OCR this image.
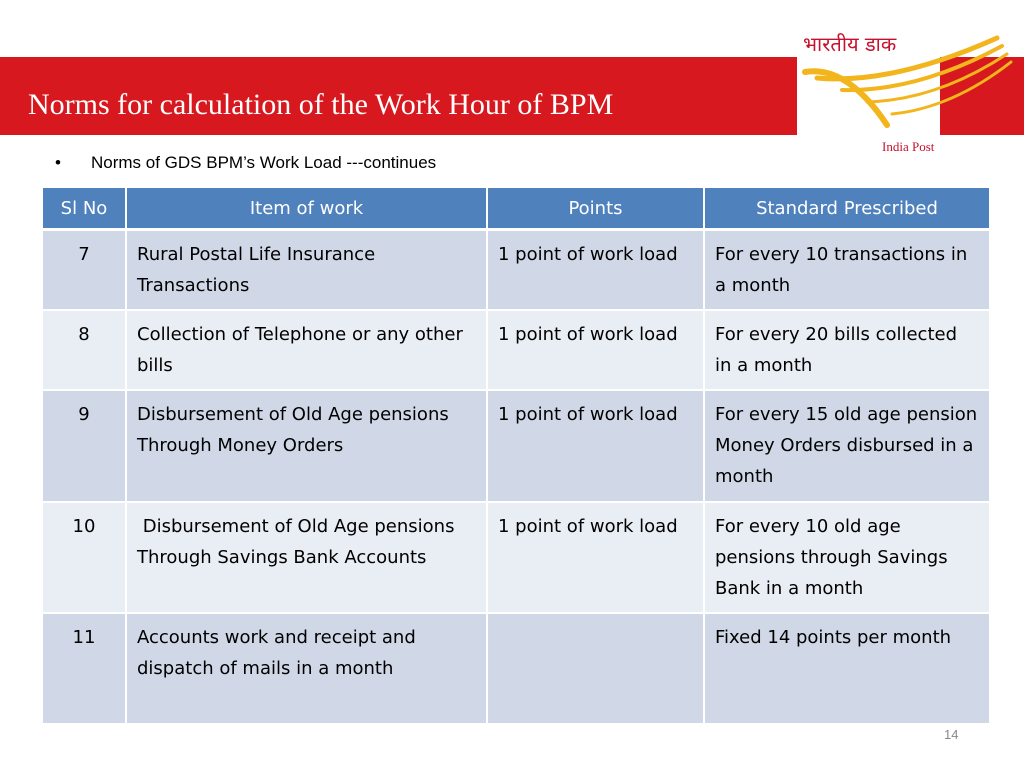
Norms for calculation of the Work Hour of BPM
भारतीय डाक
India Post
• Norms of GDS BPM’s Work Load ---continues
Sl No	Item of work	Points	Standard Prescribed
7	Rural Postal Life Insurance Transactions	1 point of work load	For every 10 transactions in a month
8	Collection of Telephone or any other bills	1 point of work load	For every 20 bills collected in a month
9	Disbursement of Old Age pensions Through Money Orders	1 point of work load	For every 15 old age pension Money Orders disbursed in a month
10	Disbursement of Old Age pensions Through Savings Bank Accounts	1 point of work load	For every 10 old age pensions through Savings Bank in a month
11	Accounts work and receipt and dispatch of mails in a month		Fixed 14 points per month
14
